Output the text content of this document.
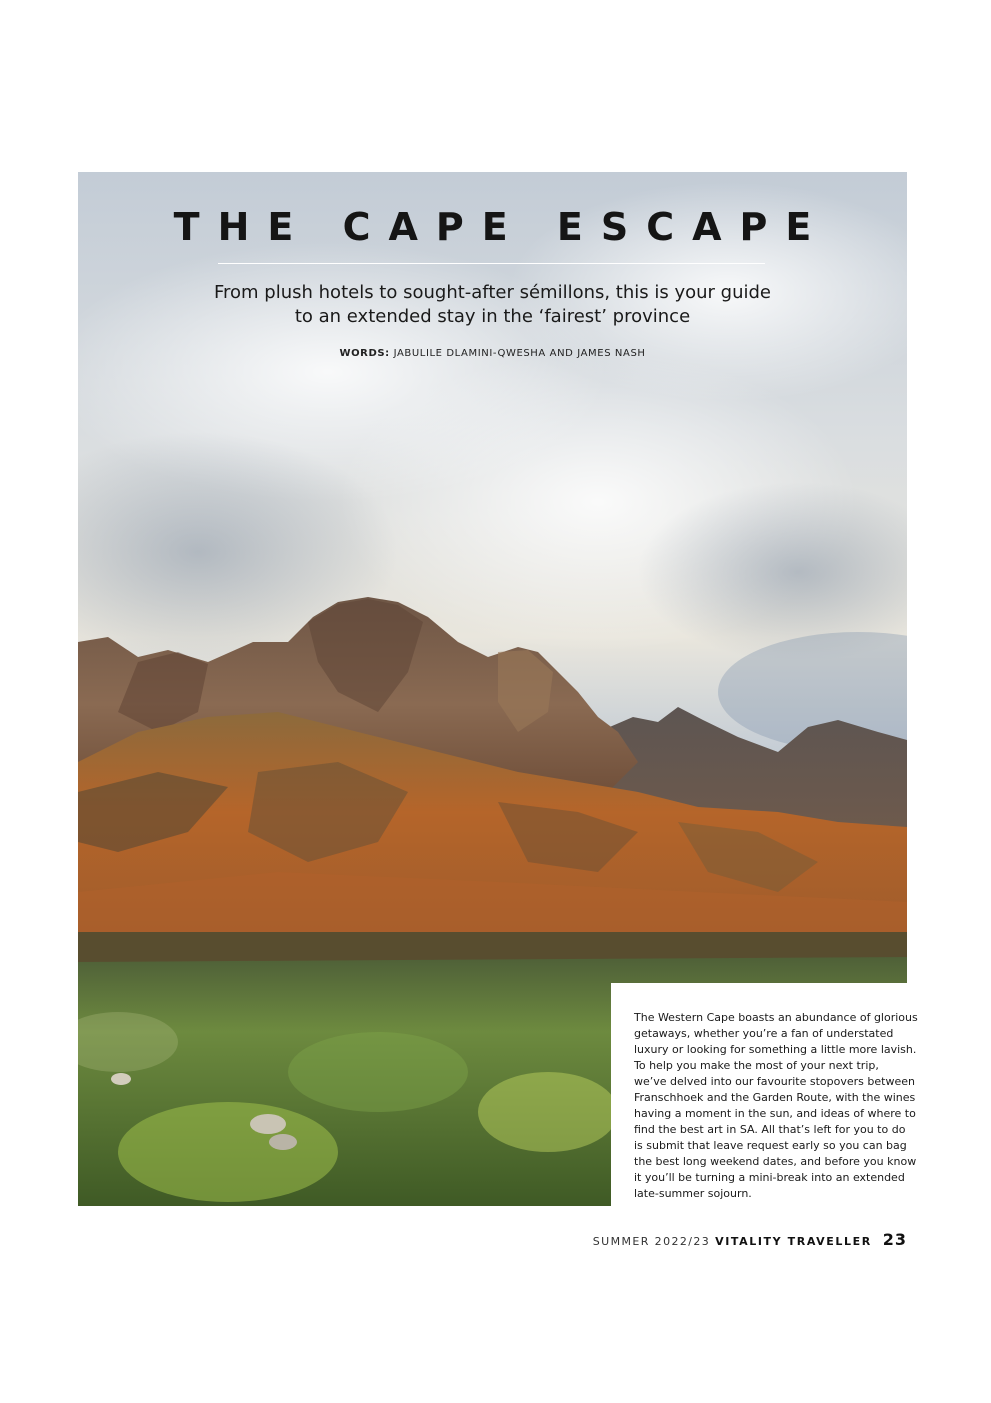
THE CAPE ESCAPE
From plush hotels to sought-after sémillons, this is your guide
to an extended stay in the ‘fairest’ province
WORDS: JABULILE DLAMINI-QWESHA AND JAMES NASH
The Western Cape boasts an abundance of glorious
getaways, whether you’re a fan of understated
luxury or looking for something a little more lavish.
To help you make the most of your next trip,
we’ve delved into our favourite stopovers between
Franschhoek and the Garden Route, with the wines
having a moment in the sun, and ideas of where to
find the best art in SA. All that’s left for you to do
is submit that leave request early so you can bag
the best long weekend dates, and before you know
it you’ll be turning a mini-break into an extended
late-summer sojourn.
SUMMER 2022/23 VITALITY TRAVELLER 23
